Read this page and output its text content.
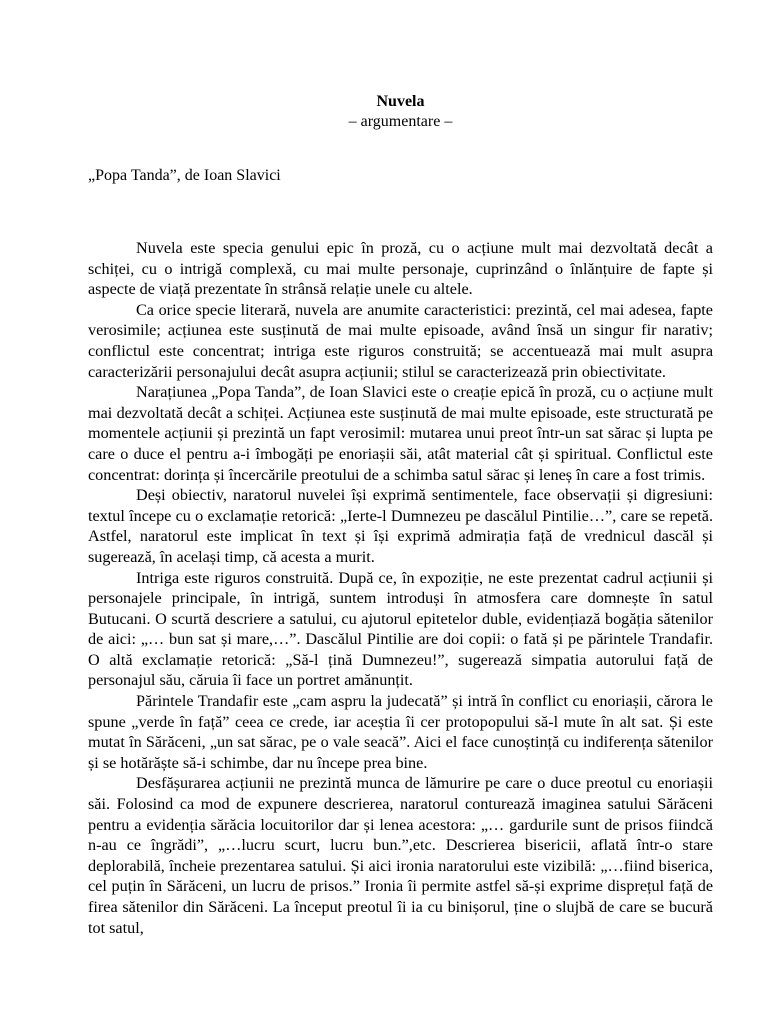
Nuvela

– argumentare –

„Popa Tanda”, de Ioan Slavici

Nuvela este specia genului epic în proză, cu o acțiune mult mai dezvoltată decât a schiței, cu o intrigă complexă, cu mai multe personaje, cuprinzând o înlănțuire de fapte și aspecte de viață prezentate în strânsă relație unele cu altele.

Ca orice specie literară, nuvela are anumite caracteristici: prezintă, cel mai adesea, fapte verosimile; acțiunea este susținută de mai multe episoade, având însă un singur fir narativ; conflictul este concentrat; intriga este riguros construită; se accentuează mai mult asupra caracterizării personajului decât asupra acțiunii; stilul se caracterizează prin obiectivitate.

Narațiunea „Popa Tanda”, de Ioan Slavici este o creație epică în proză, cu o acțiune mult mai dezvoltată decât a schiței. Acțiunea este susținută de mai multe episoade, este structurată pe momentele acțiunii și prezintă un fapt verosimil: mutarea unui preot într-un sat sărac și lupta pe care o duce el pentru a-i îmbogăți pe enoriașii săi, atât material cât și spiritual. Conflictul este concentrat: dorința și încercările preotului de a schimba satul sărac și leneș în care a fost trimis.

Deși obiectiv, naratorul nuvelei își exprimă sentimentele, face observații și digresiuni: textul începe cu o exclamație retorică: „Ierte-l Dumnezeu pe dascălul Pintilie…”, care se repetă. Astfel, naratorul este implicat în text și își exprimă admirația față de vrednicul dascăl și sugerează, în același timp, că acesta a murit.

Intriga este riguros construită. După ce, în expoziție, ne este prezentat cadrul acțiunii și personajele principale, în intrigă, suntem introduși în atmosfera care domnește în satul Butucani. O scurtă descriere a satului, cu ajutorul epitetelor duble, evidențiază bogăția sătenilor de aici: „… bun sat și mare,…”. Dascălul Pintilie are doi copii: o fată și pe părintele Trandafir. O altă exclamație retorică: „Să-l țină Dumnezeu!”, sugerează simpatia autorului față de personajul său, căruia îi face un portret amănunțit.

Părintele Trandafir este „cam aspru la judecată” și intră în conflict cu enoriașii, cărora le spune „verde în față” ceea ce crede, iar aceștia îi cer protopopului să-l mute în alt sat. Și este mutat în Sărăceni, „un sat sărac, pe o vale seacă”. Aici el face cunoștință cu indiferența sătenilor și se hotărăște să-i schimbe, dar nu începe prea bine.

Desfășurarea acțiunii ne prezintă munca de lămurire pe care o duce preotul cu enoriașii săi. Folosind ca mod de expunere descrierea, naratorul conturează imaginea satului Sărăceni pentru a evidenția sărăcia locuitorilor dar și lenea acestora: „… gardurile sunt de prisos fiindcă n-au ce îngrădi”, „…lucru scurt, lucru bun.”,etc. Descrierea bisericii, aflată într-o stare deplorabilă, încheie prezentarea satului. Și aici ironia naratorului este vizibilă: „…fiind biserica, cel puțin în Sărăceni, un lucru de prisos.” Ironia îi permite astfel să-și exprime disprețul față de firea sătenilor din Sărăceni. La început preotul îi ia cu binișorul, ține o slujbă de care se bucură tot satul,
